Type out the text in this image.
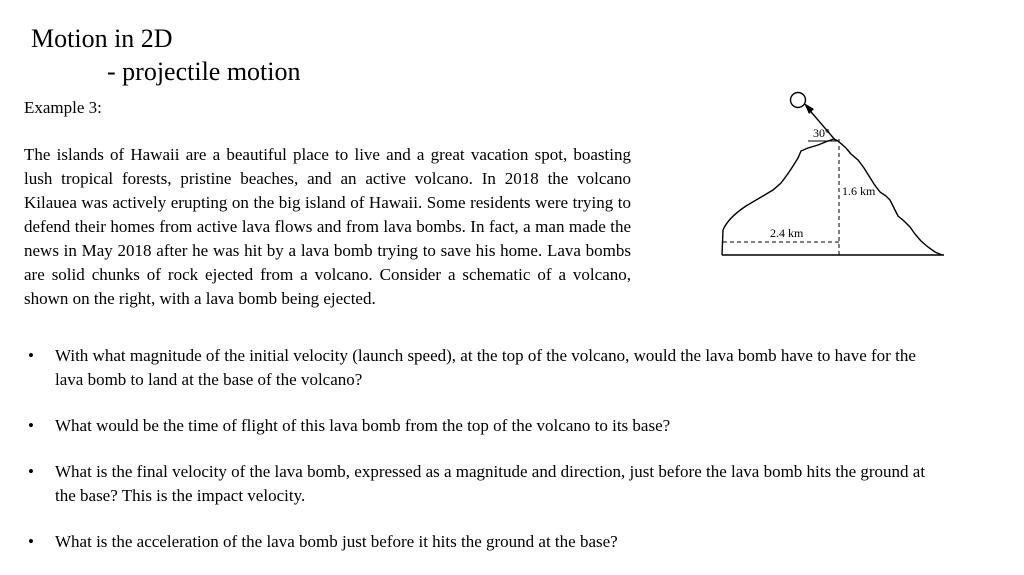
Motion in 2D
- projectile motion
Example 3:

The islands of Hawaii are a beautiful place to live and a great vacation spot, boasting lush tropical forests, pristine beaches, and an active volcano. In 2018 the volcano Kilauea was actively erupting on the big island of Hawaii. Some residents were trying to defend their homes from active lava flows and from lava bombs. In fact, a man made the news in May 2018 after he was hit by a lava bomb trying to save his home. Lava bombs are solid chunks of rock ejected from a volcano. Consider a schematic of a volcano, shown on the right, with a lava bomb being ejected.

30°
1.6 km
2.4 km
• With what magnitude of the initial velocity (launch speed), at the top of the volcano, would the lava bomb have to have for the lava bomb to land at the base of the volcano?
• What would be the time of flight of this lava bomb from the top of the volcano to its base?
• What is the final velocity of the lava bomb, expressed as a magnitude and direction, just before the lava bomb hits the ground at the base? This is the impact velocity.
• What is the acceleration of the lava bomb just before it hits the ground at the base?
